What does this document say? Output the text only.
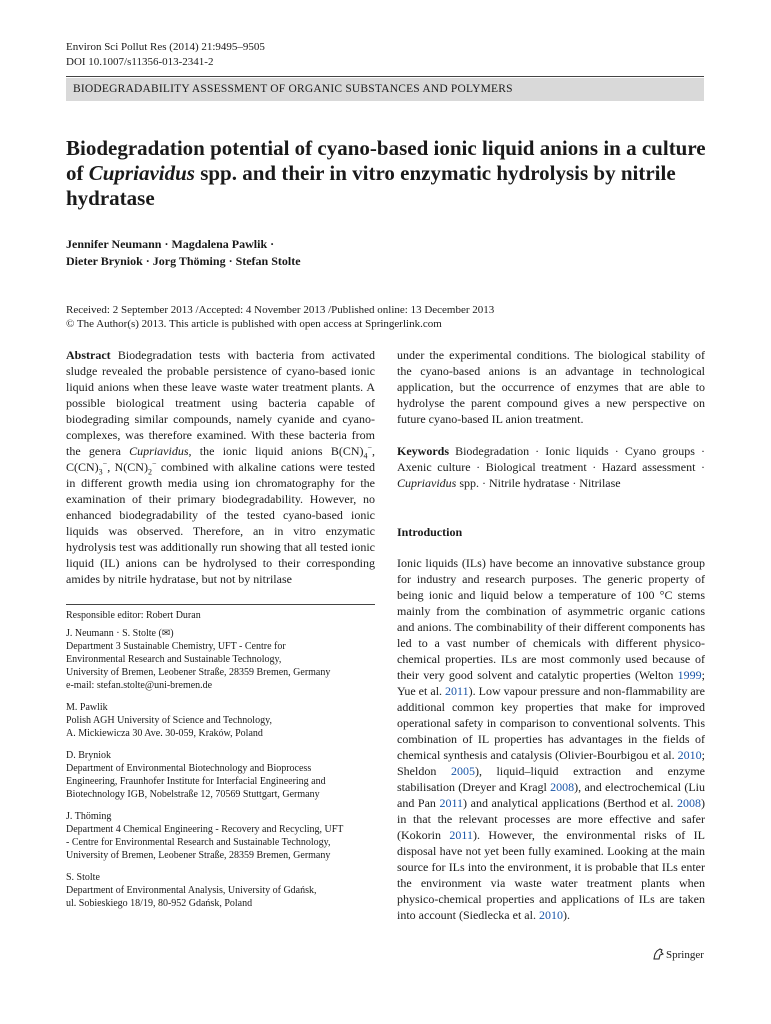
Environ Sci Pollut Res (2014) 21:9495–9505
DOI 10.1007/s11356-013-2341-2
BIODEGRADABILITY ASSESSMENT OF ORGANIC SUBSTANCES AND POLYMERS
Biodegradation potential of cyano-based ionic liquid anions in a culture of Cupriavidus spp. and their in vitro enzymatic hydrolysis by nitrile hydratase
Jennifer Neumann · Magdalena Pawlik ·
Dieter Bryniok · Jorg Thöming · Stefan Stolte
Received: 2 September 2013 /Accepted: 4 November 2013 /Published online: 13 December 2013
© The Author(s) 2013. This article is published with open access at Springerlink.com

Abstract Biodegradation tests with bacteria from activated sludge revealed the probable persistence of cyano-based ionic liquid anions when these leave waste water treatment plants. A possible biological treatment using bacteria capable of biodegrading similar compounds, namely cyanide and cyano-complexes, was therefore examined. With these bacteria from the genera Cupriavidus, the ionic liquid anions $B(CN)_4^-$, $C(CN)_3^-$, $N(CN)_2^-$ combined with alkaline cations were tested in different growth media using ion chromatography for the examination of their primary biodegradability. However, no enhanced biodegradability of the tested cyano-based ionic liquids was observed. Therefore, an in vitro enzymatic hydrolysis test was additionally run showing that all tested ionic liquid (IL) anions can be hydrolysed to their corresponding amides by nitrile hydratase, but not by nitrilase

Responsible editor: Robert Duran
J. Neumann · S. Stolte (✉)
Department 3 Sustainable Chemistry, UFT - Centre for
Environmental Research and Sustainable Technology,
University of Bremen, Leobener Straße, 28359 Bremen, Germany
e-mail: stefan.stolte@uni-bremen.de
M. Pawlik
Polish AGH University of Science and Technology,
A. Mickiewicza 30 Ave. 30-059, Kraków, Poland
D. Bryniok
Department of Environmental Biotechnology and Bioprocess
Engineering, Fraunhofer Institute for Interfacial Engineering and
Biotechnology IGB, Nobelstraße 12, 70569 Stuttgart, Germany
J. Thöming
Department 4 Chemical Engineering - Recovery and Recycling, UFT
- Centre for Environmental Research and Sustainable Technology,
University of Bremen, Leobener Straße, 28359 Bremen, Germany
S. Stolte
Department of Environmental Analysis, University of Gdańsk,
ul. Sobieskiego 18/19, 80-952 Gdańsk, Poland

under the experimental conditions. The biological stability of the cyano-based anions is an advantage in technological application, but the occurrence of enzymes that are able to hydrolyse the parent compound gives a new perspective on future cyano-based IL anion treatment.

Keywords Biodegradation · Ionic liquids · Cyano groups · Axenic culture · Biological treatment · Hazard assessment · Cupriavidus spp. · Nitrile hydratase · Nitrilase

Introduction

Ionic liquids (ILs) have become an innovative substance group for industry and research purposes. The generic property of being ionic and liquid below a temperature of 100 °C stems mainly from the combination of asymmetric organic cations and anions. The combinability of their different components has led to a vast number of chemicals with different physico-chemical properties. ILs are most commonly used because of their very good solvent and catalytic properties (Welton 1999; Yue et al. 2011). Low vapour pressure and non-flammability are additional common key properties that make for improved operational safety in comparison to conventional solvents. This combination of IL properties has advantages in the fields of chemical synthesis and catalysis (Olivier-Bourbigou et al. 2010; Sheldon 2005), liquid–liquid extraction and enzyme stabilisation (Dreyer and Kragl 2008), and electrochemical (Liu and Pan 2011) and analytical applications (Berthod et al. 2008) in that the relevant processes are more effective and safer (Kokorin 2011). However, the environmental risks of IL disposal have not yet been fully examined. Looking at the main source for ILs into the environment, it is probable that ILs enter the environment via waste water treatment plants when physico-chemical properties and applications of ILs are taken into account (Siedlecka et al. 2010).

Springer
